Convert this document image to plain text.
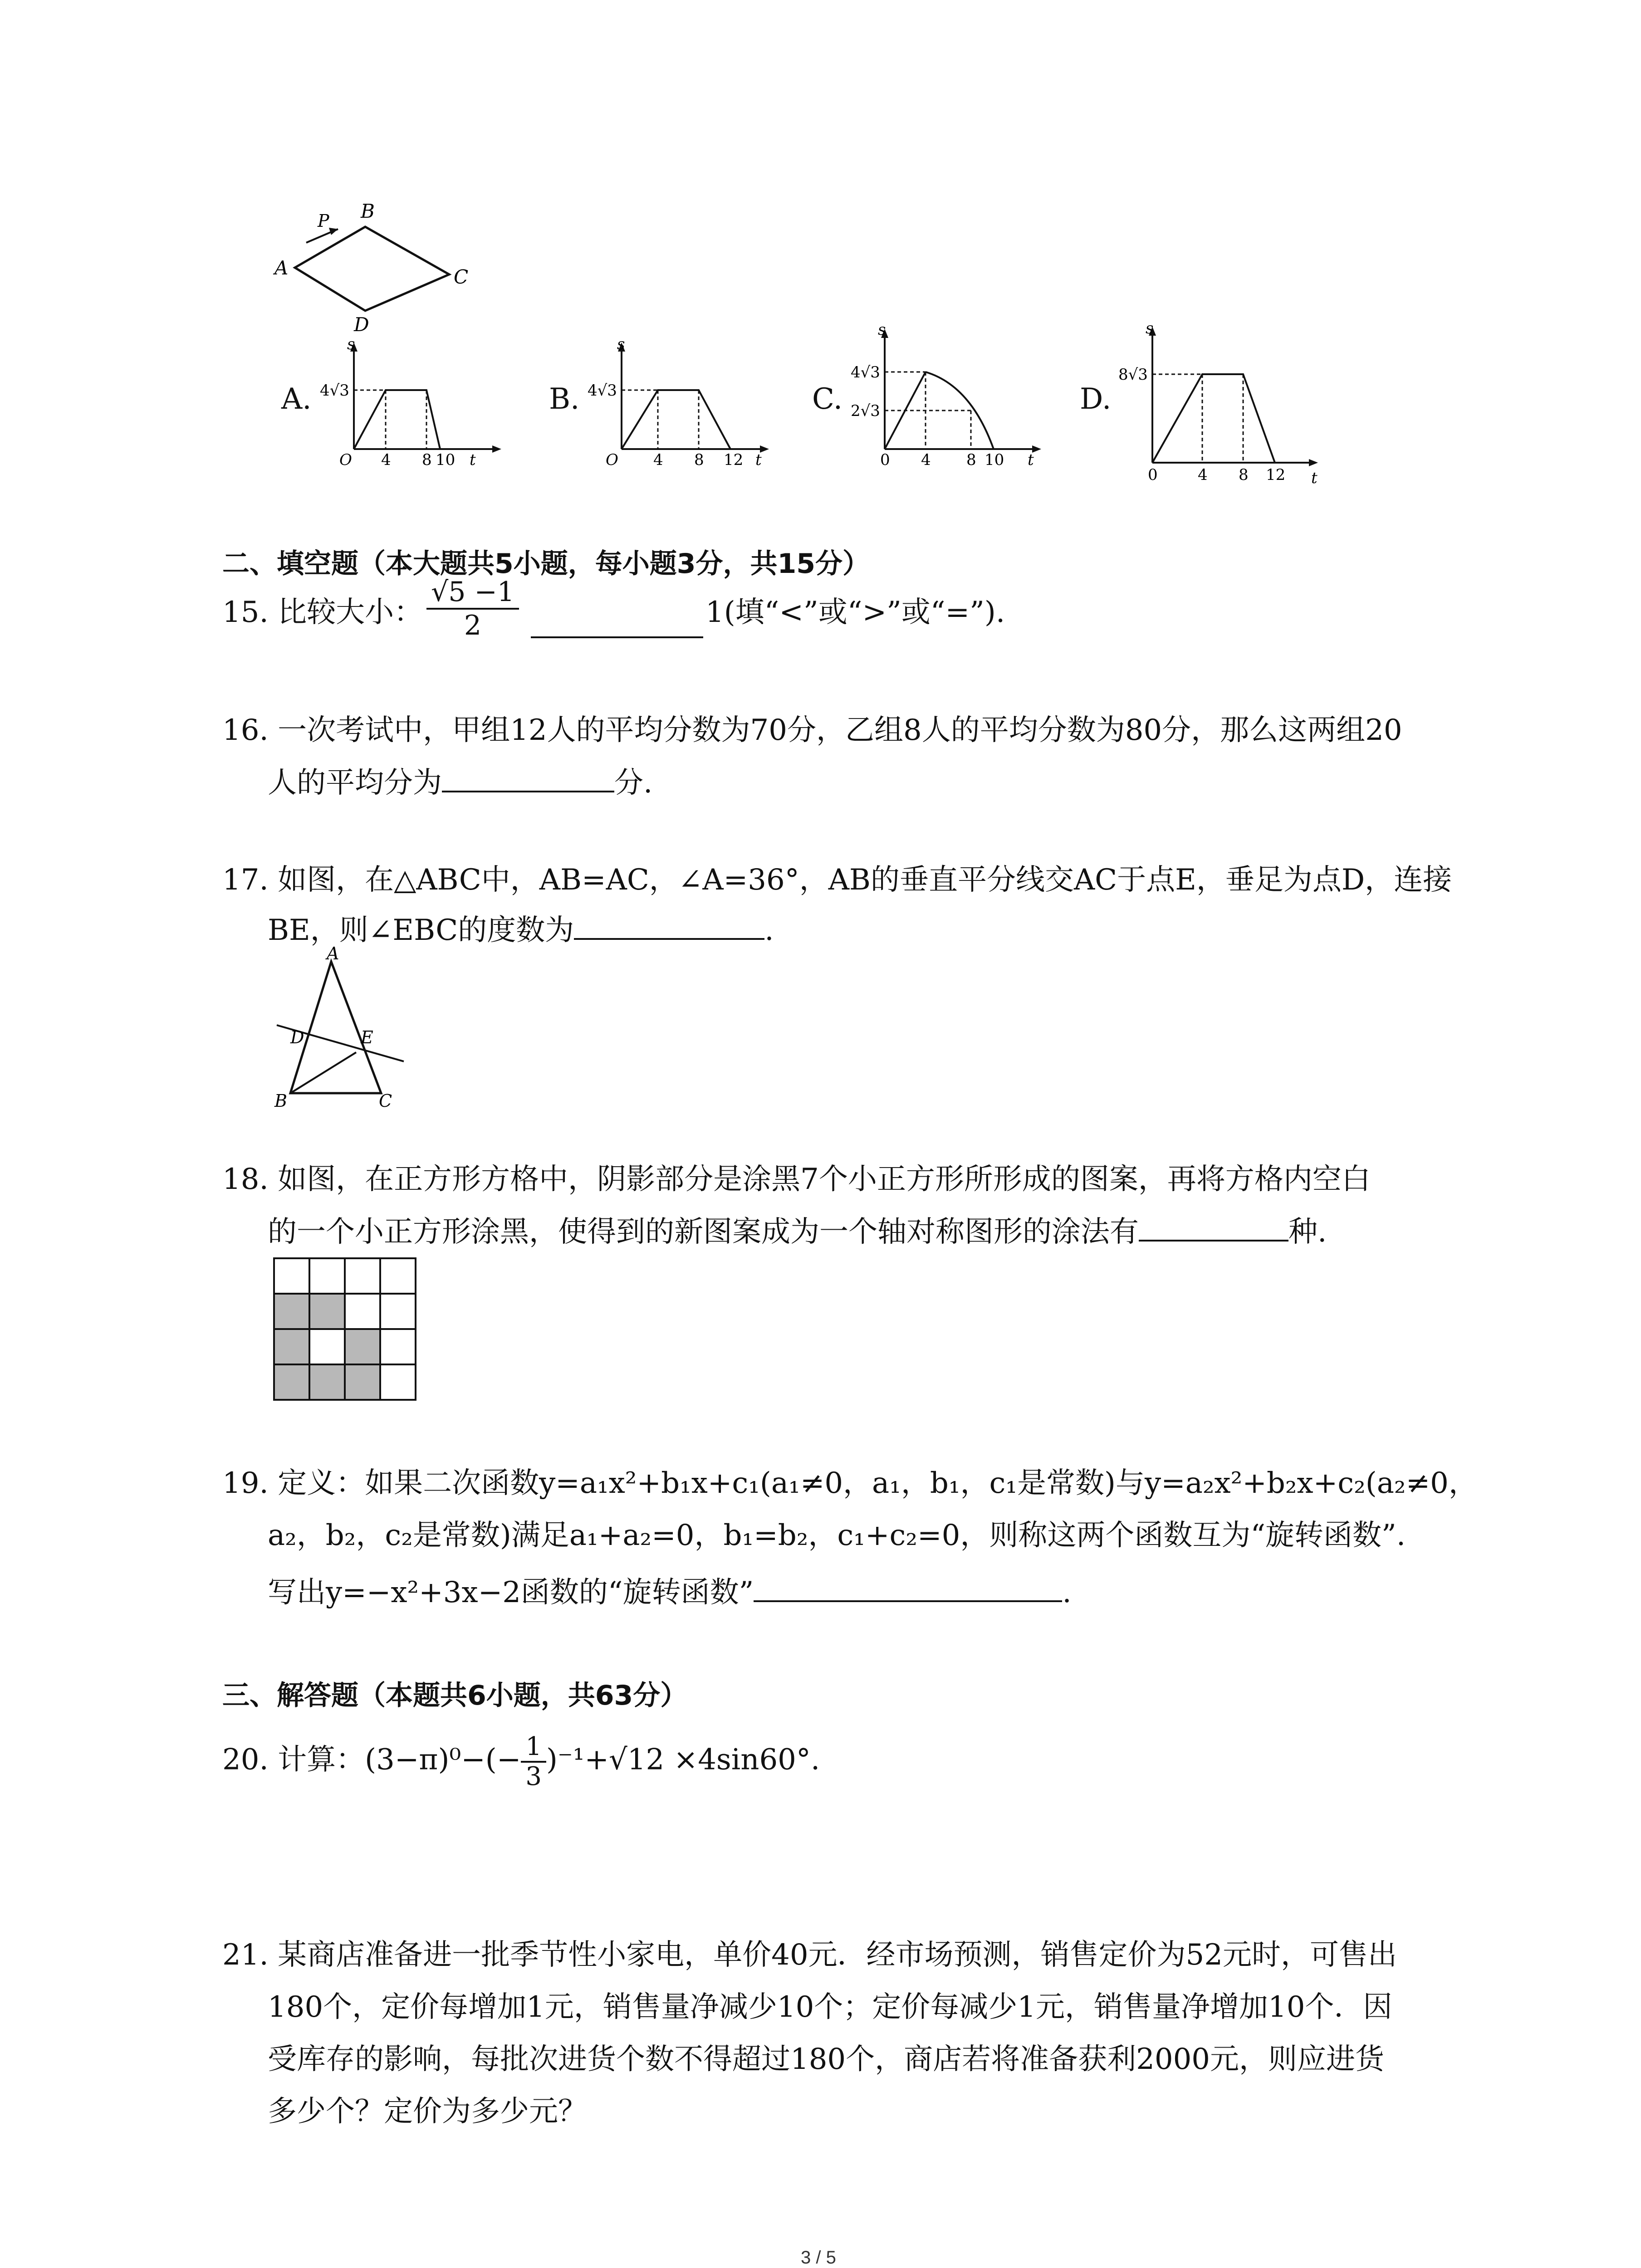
A
B
C
D
P
A.
s
4√3
O 4 8 10 t
B.
s
4√3
O 4 8 12 t
C.
s
4√3
2√3
0 4 8 10 t
D.
s
8√3
0	4 8 12 t
二、填空题（本大题共5小题，每小题3分，共15分）
15. 比较大小： $\frac{√5 -1}{2}$	1(填“<”或“>”或“=”).
16. 一次考试中，甲组12人的平均分数为70分，乙组8人的平均分数为80分，那么这两组20
人的平均分为	分.
17. 如图，在△ABC中，AB=AC，∠A=36°，AB的垂直平分线交AC于点E，垂足为点D，连接
BE，则∠EBC的度数为	.
A
B	C
D	E
18. 如图，在正方形方格中，阴影部分是涂黑7个小正方形所形成的图案，再将方格内空白
的一个小正方形涂黑，使得到的新图案成为一个轴对称图形的涂法有	种.
19. 定义：如果二次函数y=a₁x²+b₁x+c₁(a₁≠0，a₁，b₁，c₁是常数)与y=a₂x²+b₂x+c₂(a₂≠0，
a₂，b₂，c₂是常数)满足a₁+a₂=0，b₁=b₂，c₁+c₂=0，则称这两个函数互为“旋转函数”.
写出y=−x²+3x−2函数的“旋转函数”	.
三、解答题（本题共6小题，共63分）
20. 计算：$(3-\pi)^0-(- \frac{1}{3} )^{-1}+√12 \times 4\sin 60^\circ$.
21. 某商店准备进一批季节性小家电，单价40元．经市场预测，销售定价为52元时，可售出
180个，定价每增加1元，销售量净减少10个；定价每减少1元，销售量净增加10个．因
受库存的影响，每批次进货个数不得超过180个，商店若将准备获利2000元，则应进货
多少个？定价为多少元？
3 / 5
